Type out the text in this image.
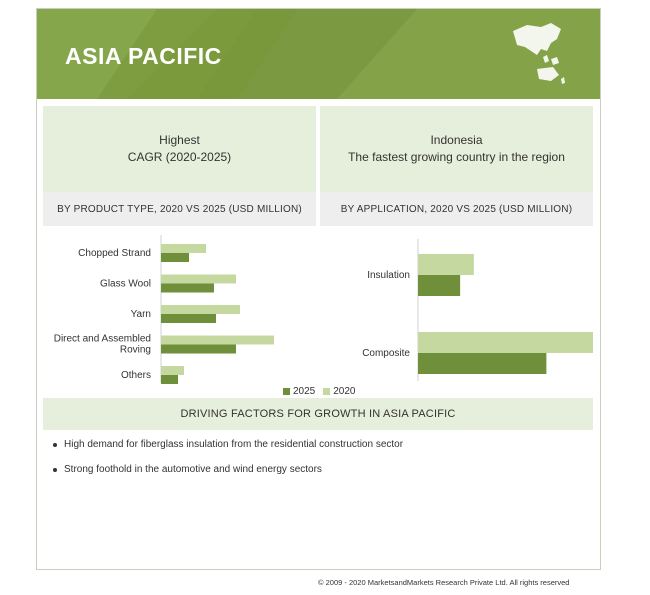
ASIA PACIFIC
Highest
CAGR (2020-2025)
Indonesia
The fastest growing country in the region
BY PRODUCT TYPE, 2020 VS 2025 (USD MILLION)	BY APPLICATION, 2020 VS 2025 (USD MILLION)
Chopped Strand
Glass Wool
Yarn
Direct and Assembled Roving
Others
Insulation
Composite
2025 2020
DRIVING FACTORS FOR GROWTH IN ASIA PACIFIC
High demand for fiberglass insulation from the residential construction sector
Strong foothold in the automotive and wind energy sectors
© 2009 - 2020 MarketsandMarkets Research Private Ltd. All rights reserved
